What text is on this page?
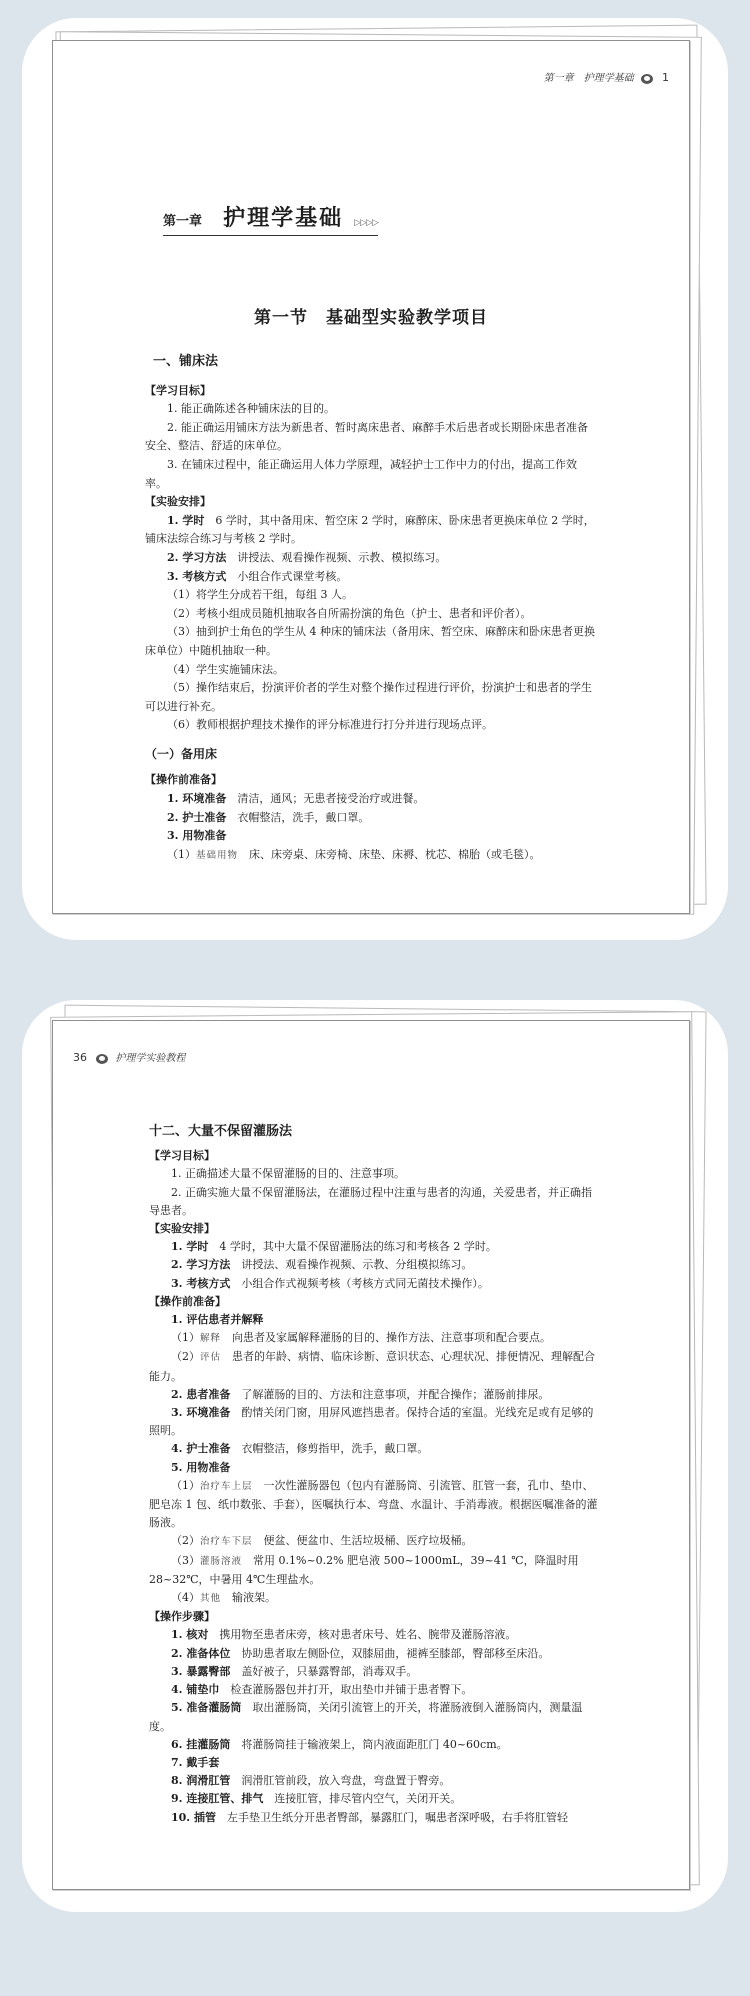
第一章　护理学基础	1
第一章 护理学基础 ▷▷▷▷
第一节　基础型实验教学项目
一、铺床法

【学习目标】

1. 能正确陈述各种铺床法的目的。

2. 能正确运用铺床方法为新患者、暂时离床患者、麻醉手术后患者或长期卧床患者准备安全、整洁、舒适的床单位。

3. 在铺床过程中，能正确运用人体力学原理，减轻护士工作中力的付出，提高工作效率。

【实验安排】

1. 学时　6 学时，其中备用床、暂空床 2 学时，麻醉床、卧床患者更换床单位 2 学时，铺床法综合练习与考核 2 学时。

2. 学习方法　讲授法、观看操作视频、示教、模拟练习。

3. 考核方式　小组合作式课堂考核。

（1）将学生分成若干组，每组 3 人。

（2）考核小组成员随机抽取各自所需扮演的角色（护士、患者和评价者）。

（3）抽到护士角色的学生从 4 种床的铺床法（备用床、暂空床、麻醉床和卧床患者更换床单位）中随机抽取一种。

（4）学生实施铺床法。

（5）操作结束后，扮演评价者的学生对整个操作过程进行评价，扮演护士和患者的学生可以进行补充。

（6）教师根据护理技术操作的评分标准进行打分并进行现场点评。

（一）备用床

【操作前准备】

1. 环境准备　清洁，通风；无患者接受治疗或进餐。

2. 护士准备　衣帽整洁，洗手，戴口罩。

3. 用物准备

（1）基础用物　床、床旁桌、床旁椅、床垫、床褥、枕芯、棉胎（或毛毯）。

36	护理学实验教程
十二、大量不保留灌肠法

【学习目标】

1. 正确描述大量不保留灌肠的目的、注意事项。

2. 正确实施大量不保留灌肠法，在灌肠过程中注重与患者的沟通，关爱患者，并正确指导患者。

【实验安排】

1. 学时　4 学时，其中大量不保留灌肠法的练习和考核各 2 学时。

2. 学习方法　讲授法、观看操作视频、示教、分组模拟练习。

3. 考核方式　小组合作式视频考核（考核方式同无菌技术操作）。

【操作前准备】

1. 评估患者并解释

（1）解释　向患者及家属解释灌肠的目的、操作方法、注意事项和配合要点。

（2）评估　患者的年龄、病情、临床诊断、意识状态、心理状况、排便情况、理解配合能力。

2. 患者准备　了解灌肠的目的、方法和注意事项，并配合操作；灌肠前排尿。

3. 环境准备　酌情关闭门窗，用屏风遮挡患者。保持合适的室温。光线充足或有足够的照明。

4. 护士准备　衣帽整洁，修剪指甲，洗手，戴口罩。

5. 用物准备

（1）治疗车上层　一次性灌肠器包（包内有灌肠筒、引流管、肛管一套，孔巾、垫巾、肥皂冻 1 包、纸巾数张、手套），医嘱执行本、弯盘、水温计、手消毒液。根据医嘱准备的灌肠液。

（2）治疗车下层　便盆、便盆巾、生活垃圾桶、医疗垃圾桶。

（3）灌肠溶液　常用 0.1%~0.2% 肥皂液 500~1000mL，39~41 ℃，降温时用 28~32℃，中暑用 4℃生理盐水。

（4）其他　输液架。

【操作步骤】

1. 核对　携用物至患者床旁，核对患者床号、姓名、腕带及灌肠溶液。

2. 准备体位　协助患者取左侧卧位，双膝屈曲，褪裤至膝部，臀部移至床沿。

3. 暴露臀部　盖好被子，只暴露臀部，消毒双手。

4. 铺垫巾　检查灌肠器包并打开，取出垫巾并铺于患者臀下。

5. 准备灌肠筒　取出灌肠筒，关闭引流管上的开关，将灌肠液倒入灌肠筒内，测量温度。

6. 挂灌肠筒　将灌肠筒挂于输液架上，筒内液面距肛门 40~60cm。

7. 戴手套

8. 润滑肛管　润滑肛管前段，放入弯盘，弯盘置于臀旁。

9. 连接肛管、排气　连接肛管，排尽管内空气，关闭开关。

10. 插管　左手垫卫生纸分开患者臀部，暴露肛门，嘱患者深呼吸，右手将肛管轻
